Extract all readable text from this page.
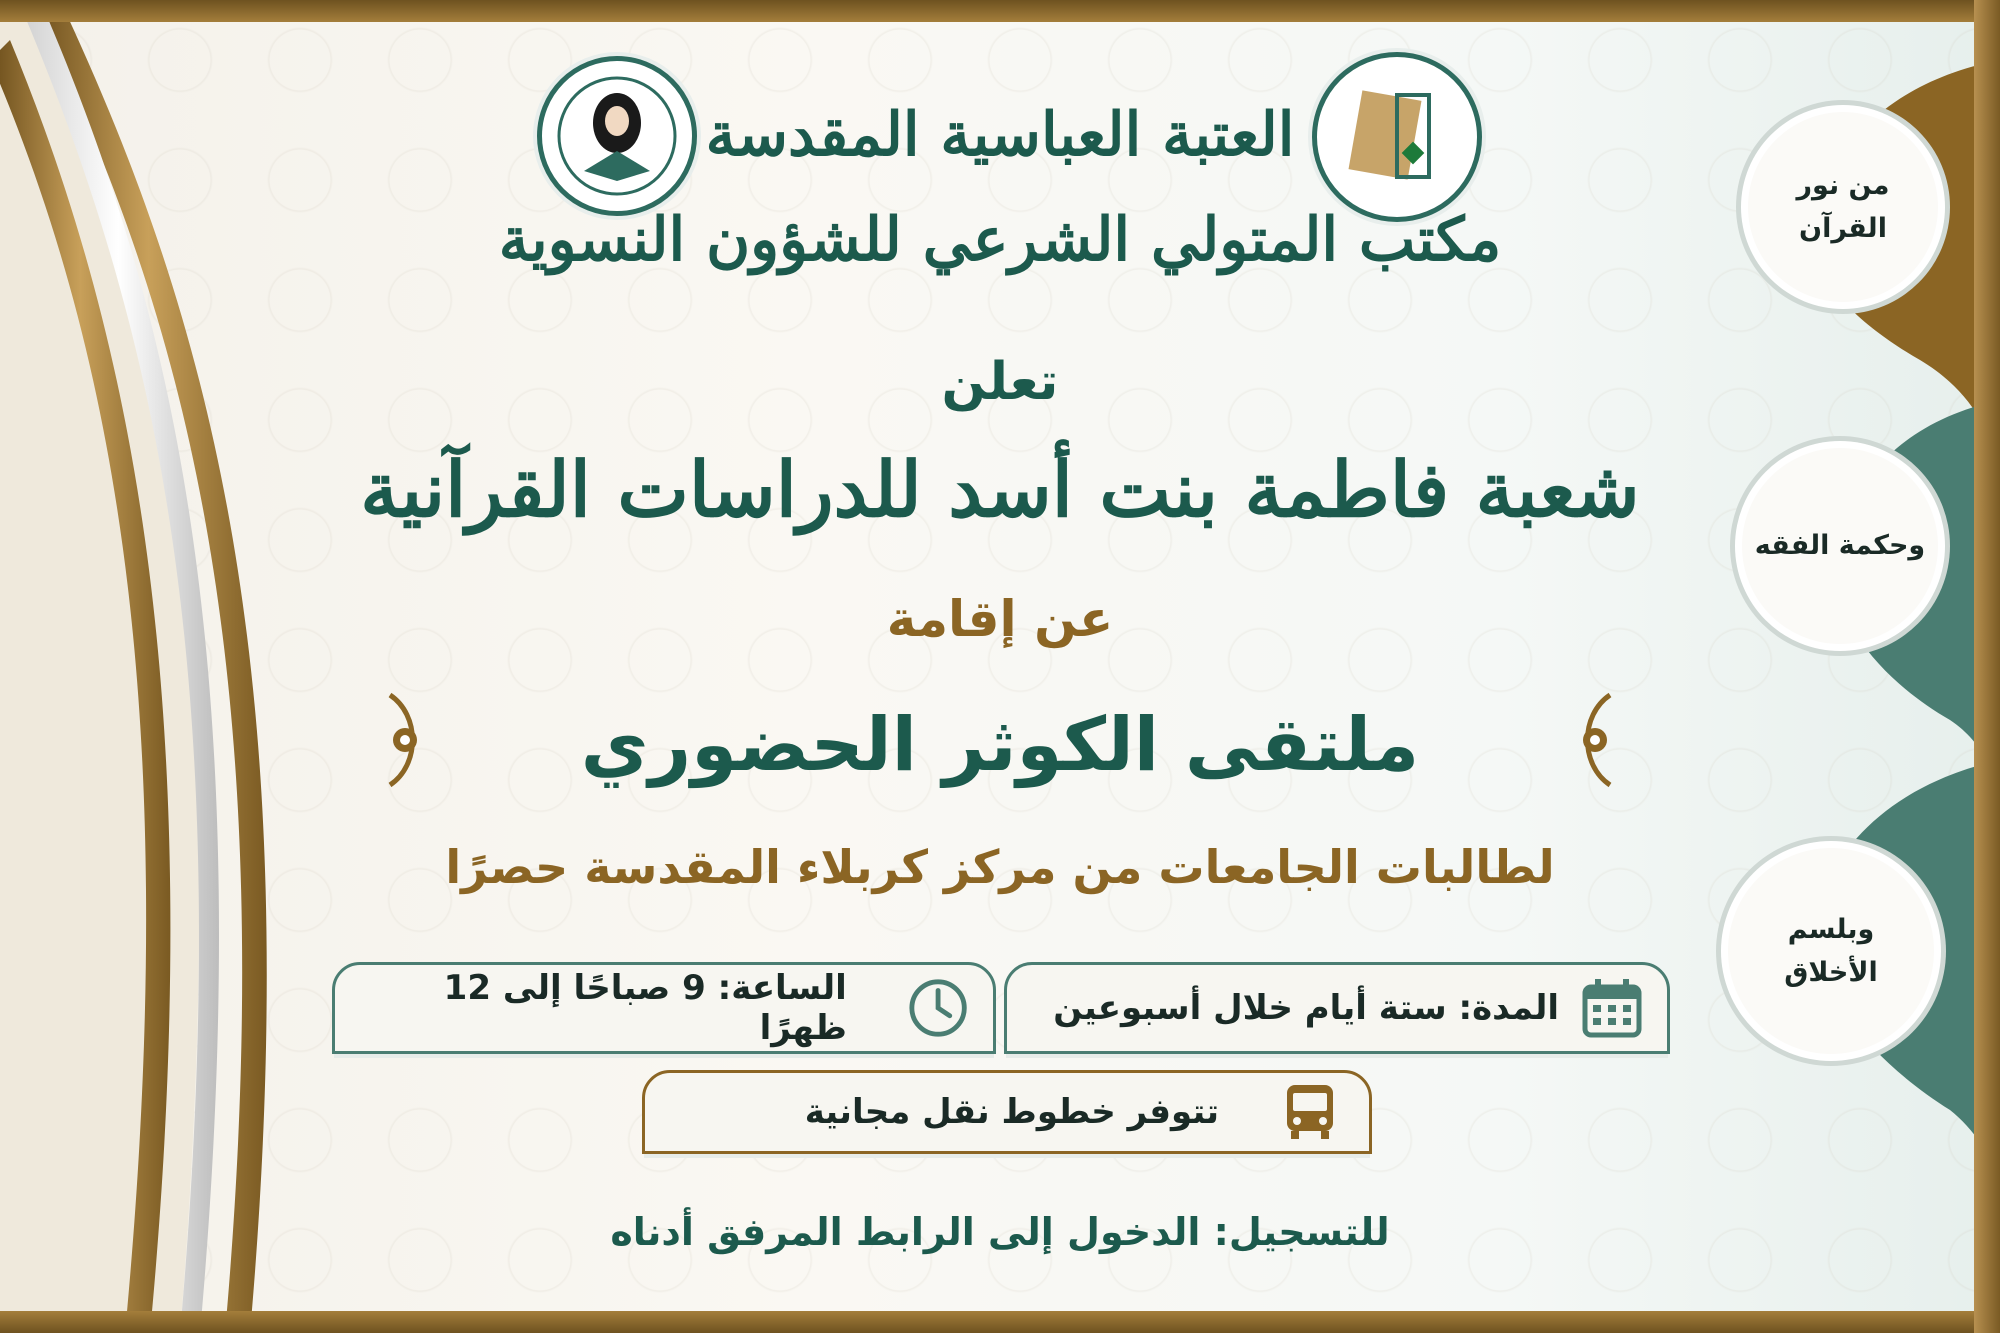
من نور
القرآن
وحكمة الفقه
وبلسم
الأخلاق
العتبة العباسية المقدسة
مكتب المتولي الشرعي للشؤون النسوية
تعلن
شعبة فاطمة بنت أسد للدراسات القرآنية
عن إقامة
ملتقى الكوثر الحضوري
لطالبات الجامعات من مركز كربلاء المقدسة حصرًا
المدة: ستة أيام خلال أسبوعين
الساعة: 9 صباحًا إلى 12 ظهرًا
تتوفر خطوط نقل مجانية
للتسجيل: الدخول إلى الرابط المرفق أدناه
